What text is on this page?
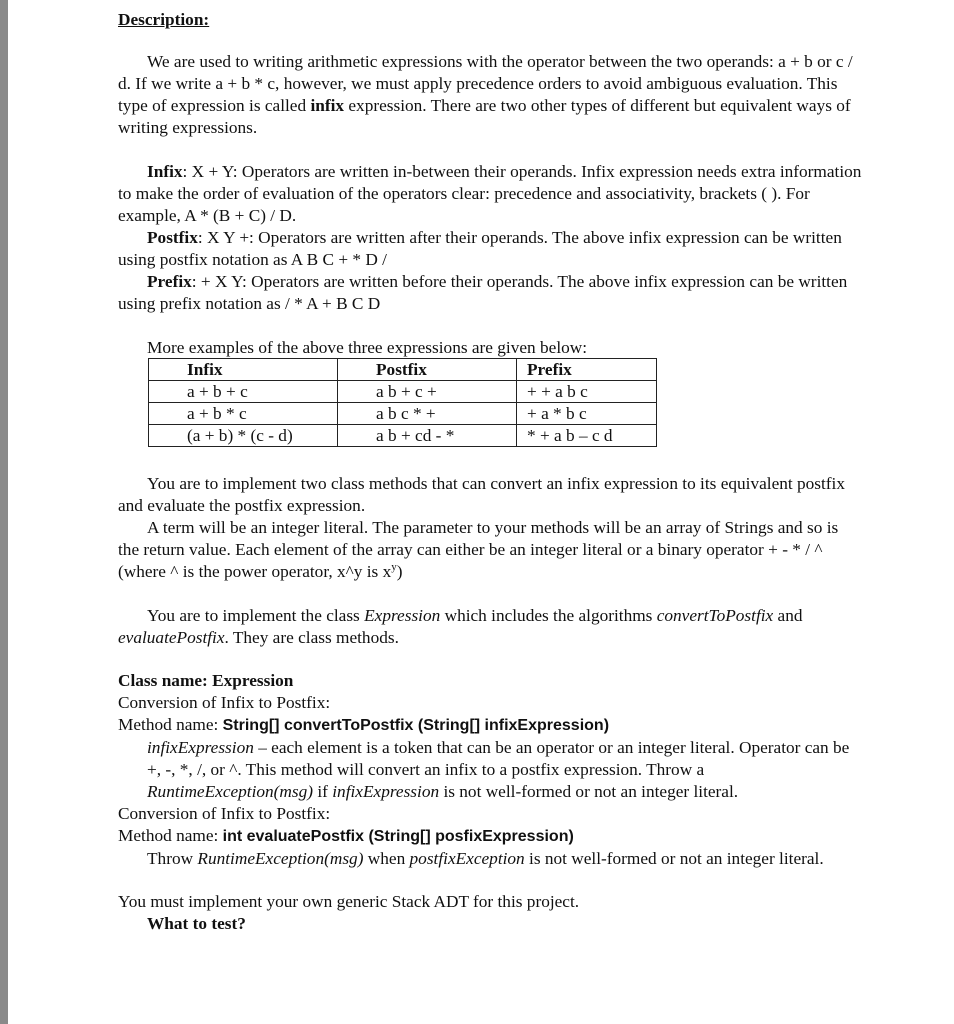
Description:

We are used to writing arithmetic expressions with the operator between the two operands: a + b or c / d. If we write a + b * c, however, we must apply precedence orders to avoid ambiguous evaluation. This type of expression is called infix expression. There are two other types of different but equivalent ways of writing expressions.

Infix: X + Y: Operators are written in-between their operands. Infix expression needs extra information to make the order of evaluation of the operators clear: precedence and associativity, brackets ( ). For example, A * (B + C) / D.

Postfix: X Y +: Operators are written after their operands. The above infix expression can be written using postfix notation as A B C + * D /

Prefix: + X Y: Operators are written before their operands. The above infix expression can be written using prefix notation as / * A + B C D

More examples of the above three expressions are given below:

Infix	Postfix	Prefix
a + b + c	a b + c +	+ + a b c
a + b * c	a b c * +	+ a * b c
(a + b) * (c - d)	a b + cd - *	* + a b – c d

You are to implement two class methods that can convert an infix expression to its equivalent postfix and evaluate the postfix expression.

A term will be an integer literal. The parameter to your methods will be an array of Strings and so is the return value. Each element of the array can either be an integer literal or a binary operator + - * / ^ (where ^ is the power operator, x^y is $x^y$)

You are to implement the class Expression which includes the algorithms convertToPostfix and evaluatePostfix. They are class methods.

Class name: Expression

Conversion of Infix to Postfix:

Method name: String[] convertToPostfix (String[] infixExpression)

infixExpression – each element is a token that can be an operator or an integer literal. Operator can be +, -, *, /, or ^. This method will convert an infix to a postfix expression. Throw a RuntimeException(msg) if infixExpression is not well-formed or not an integer literal.

Conversion of Infix to Postfix:

Method name: int evaluatePostfix (String[] posfixExpression)

Throw RuntimeException(msg) when postfixException is not well-formed or not an integer literal.

You must implement your own generic Stack ADT for this project.

What to test?
